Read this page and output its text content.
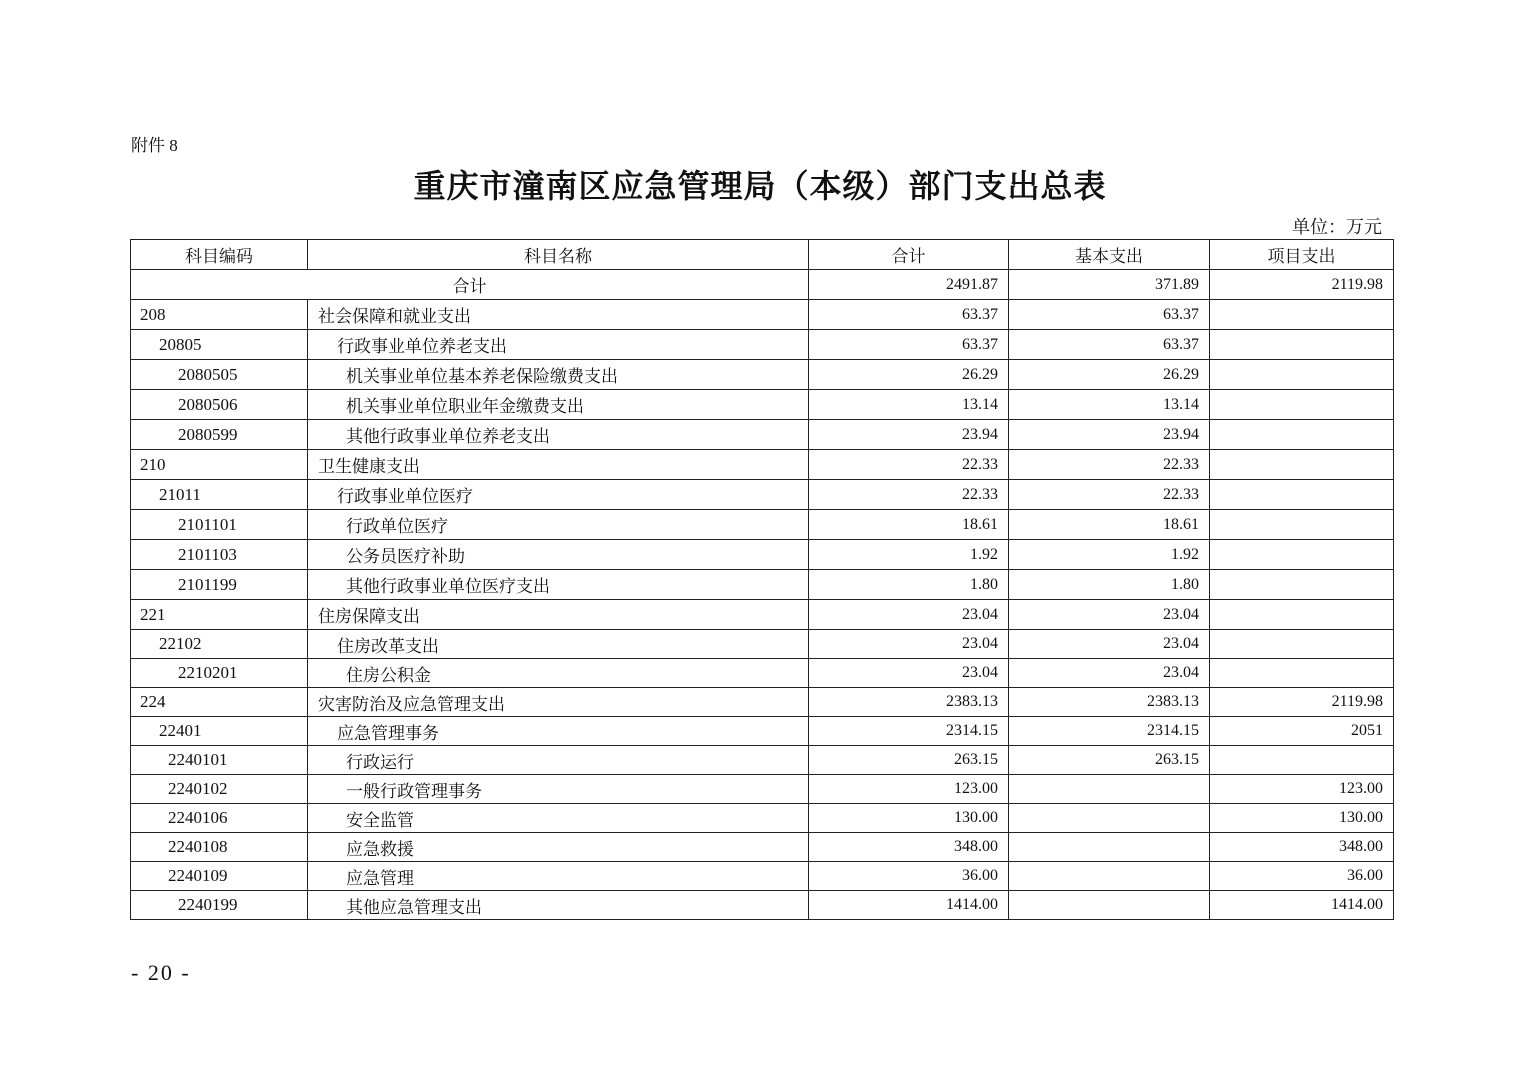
附件 8
重庆市潼南区应急管理局（本级）部门支出总表
单位：万元
科目编码	科目名称	合计	基本支出	项目支出
合计		2491.87	371.89	2119.98
208	社会保障和就业支出	63.37	63.37	
20805	行政事业单位养老支出	63.37	63.37	
2080505	机关事业单位基本养老保险缴费支出	26.29	26.29	
2080506	机关事业单位职业年金缴费支出	13.14	13.14	
2080599	其他行政事业单位养老支出	23.94	23.94	
210	卫生健康支出	22.33	22.33	
21011	行政事业单位医疗	22.33	22.33	
2101101	行政单位医疗	18.61	18.61	
2101103	公务员医疗补助	1.92	1.92	
2101199	其他行政事业单位医疗支出	1.80	1.80	
221	住房保障支出	23.04	23.04	
22102	住房改革支出	23.04	23.04	
2210201	住房公积金	23.04	23.04	
224	灾害防治及应急管理支出	2383.13	2383.13	2119.98
22401	应急管理事务	2314.15	2314.15	2051
2240101	行政运行	263.15	263.15	
2240102	一般行政管理事务	123.00		123.00
2240106	安全监管	130.00		130.00
2240108	应急救援	348.00		348.00
2240109	应急管理	36.00		36.00
2240199	其他应急管理支出	1414.00		1414.00
- 20 -
